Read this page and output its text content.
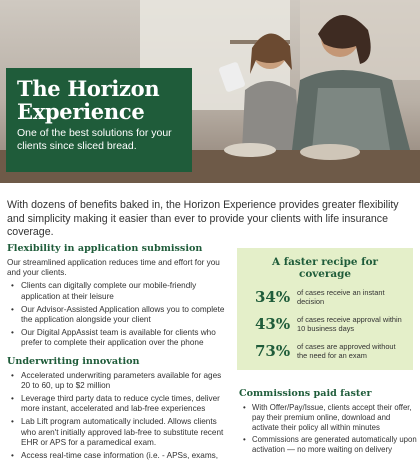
The Horizon Experience
One of the best solutions for your clients since sliced bread.

With dozens of benefits baked in, the Horizon Experience provides greater flexibility and simplicity making it easier than ever to provide your clients with life insurance coverage.

Flexibility in application submission

Our streamlined application reduces time and effort for you and your clients.

• Clients can digitally complete our mobile-friendly application at their leisure
• Our Advisor-Assisted Application allows you to complete the application alongside your client
• Our Digital AppAssist team is available for clients who prefer to complete their application over the phone
Underwriting innovation
• Accelerated underwriting parameters available for ages 20 to 60, up to $2 million
• Leverage third party data to reduce cycle times, deliver more instant, accelerated and lab-free experiences
• Lab Lift program automatically included. Allows clients who aren't initially approved lab-free to substitute recent EHR or APS for a paramedical exam.
• Access real-time case information (i.e. - APSs, exams,
A faster recipe for coverage
34% of cases receive an instant decision
43% of cases receive approval within 10 business days
73% of cases are approved without the need for an exam
Commissions paid faster
• With Offer/Pay/Issue, clients accept their offer, pay their premium online, download and activate their policy all within minutes
• Commissions are generated automatically upon activation — no more waiting on delivery
